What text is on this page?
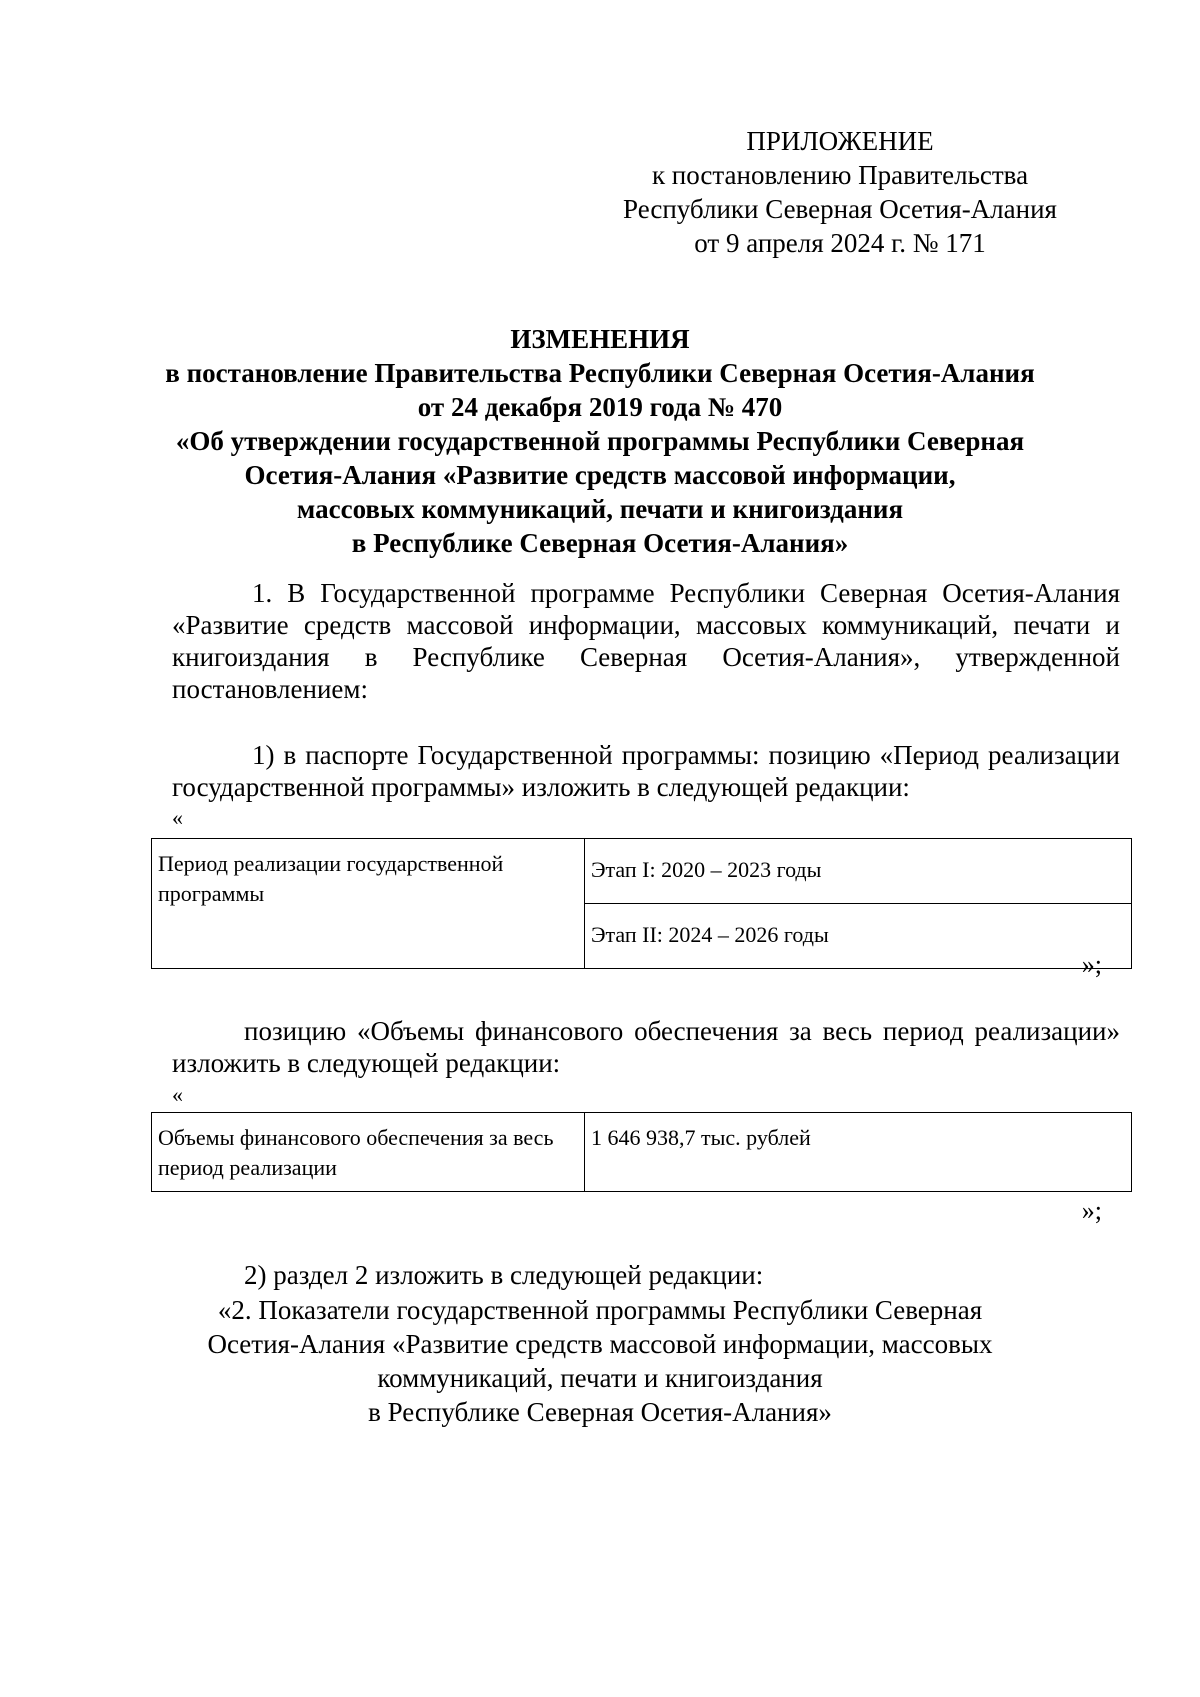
ПРИЛОЖЕНИЕ
к постановлению Правительства
Республики Северная Осетия-Алания
от 9 апреля 2024 г. № 171
ИЗМЕНЕНИЯ
в постановление Правительства Республики Северная Осетия-Алания
от 24 декабря 2019 года № 470
«Об утверждении государственной программы Республики Северная
Осетия-Алания «Развитие средств массовой информации,
массовых коммуникаций, печати и книгоиздания
в Республике Северная Осетия-Алания»
1. В Государственной программе Республики Северная Осетия-Алания «Развитие средств массовой информации, массовых коммуникаций, печати и книгоиздания в Республике Северная Осетия-Алания», утвержденной постановлением:
1) в паспорте Государственной программы: позицию «Период реализации государственной программы» изложить в следующей редакции:
«
Период реализации государственной программы	Этап I: 2020 – 2023 годы
Этап II: 2024 – 2026 годы
»;
позицию «Объемы финансового обеспечения за весь период реализации» изложить в следующей редакции:
«
Объемы финансового обеспечения за весь период реализации	1 646 938,7 тыс. рублей
»;
2) раздел 2 изложить в следующей редакции:
«2. Показатели государственной программы Республики Северная
Осетия-Алания «Развитие средств массовой информации, массовых
коммуникаций, печати и книгоиздания
в Республике Северная Осетия-Алания»
